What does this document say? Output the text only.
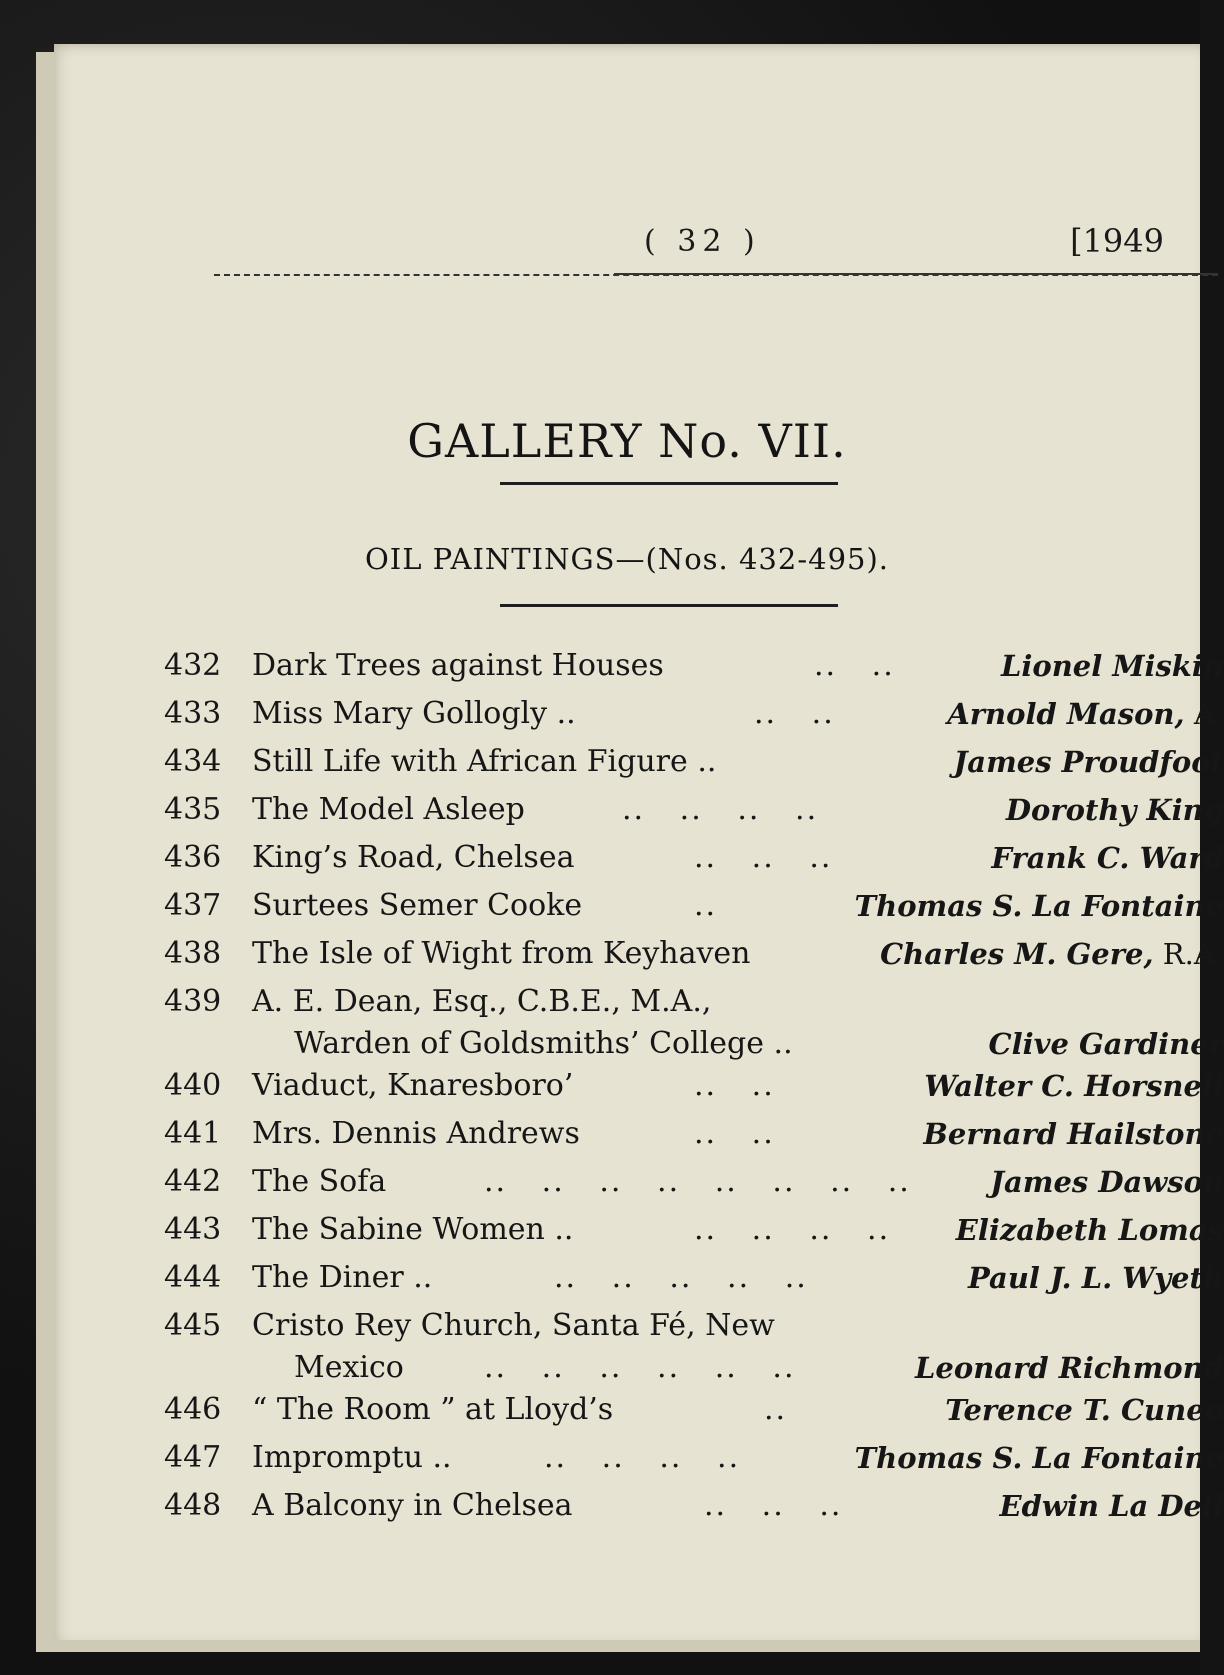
( 32 )	[1949
GALLERY No. VII.
OIL PAINTINGS—(Nos. 432-495).
432	Dark Trees against Houses	..   ..	Lionel Miskin
433	Miss Mary Gollogly ..	..   ..	Arnold Mason, A.
434	Still Life with African Figure ..	James Proudfoot
435	The Model Asleep	..   ..   ..   ..	Dorothy King
436	King’s Road, Chelsea	..   ..   ..	Frank C. Ward
437	Surtees Semer Cooke	..	Thomas S. La Fontaine
438	The Isle of Wight from Keyhaven	Charles M. Gere, R.A.
439	A. E. Dean, Esq., C.B.E., M.A.,
Warden of Goldsmiths’ College ..	Clive Gardiner
440	Viaduct, Knaresboro’	..   ..	Walter C. Horsnell
441	Mrs. Dennis Andrews	..   ..	Bernard Hailstone
442	The Sofa	..   ..   ..   ..   ..   ..   ..   ..	James Dawson
443	The Sabine Women ..	..   ..   ..   .. Elizabeth Lomas
444	The Diner ..	..   ..   ..   ..   ..	Paul J. L. Wyeth
445	Cristo Rey Church, Santa Fé, New
Mexico	..   ..   ..   ..   ..   ..	Leonard Richmond
446	“ The Room ” at Lloyd’s	..	Terence T. Cuneo
447	Impromptu ..	..   ..   ..   ..	Thomas S. La Fontaine
448	A Balcony in Chelsea	..   ..   ..	Edwin La Dell
